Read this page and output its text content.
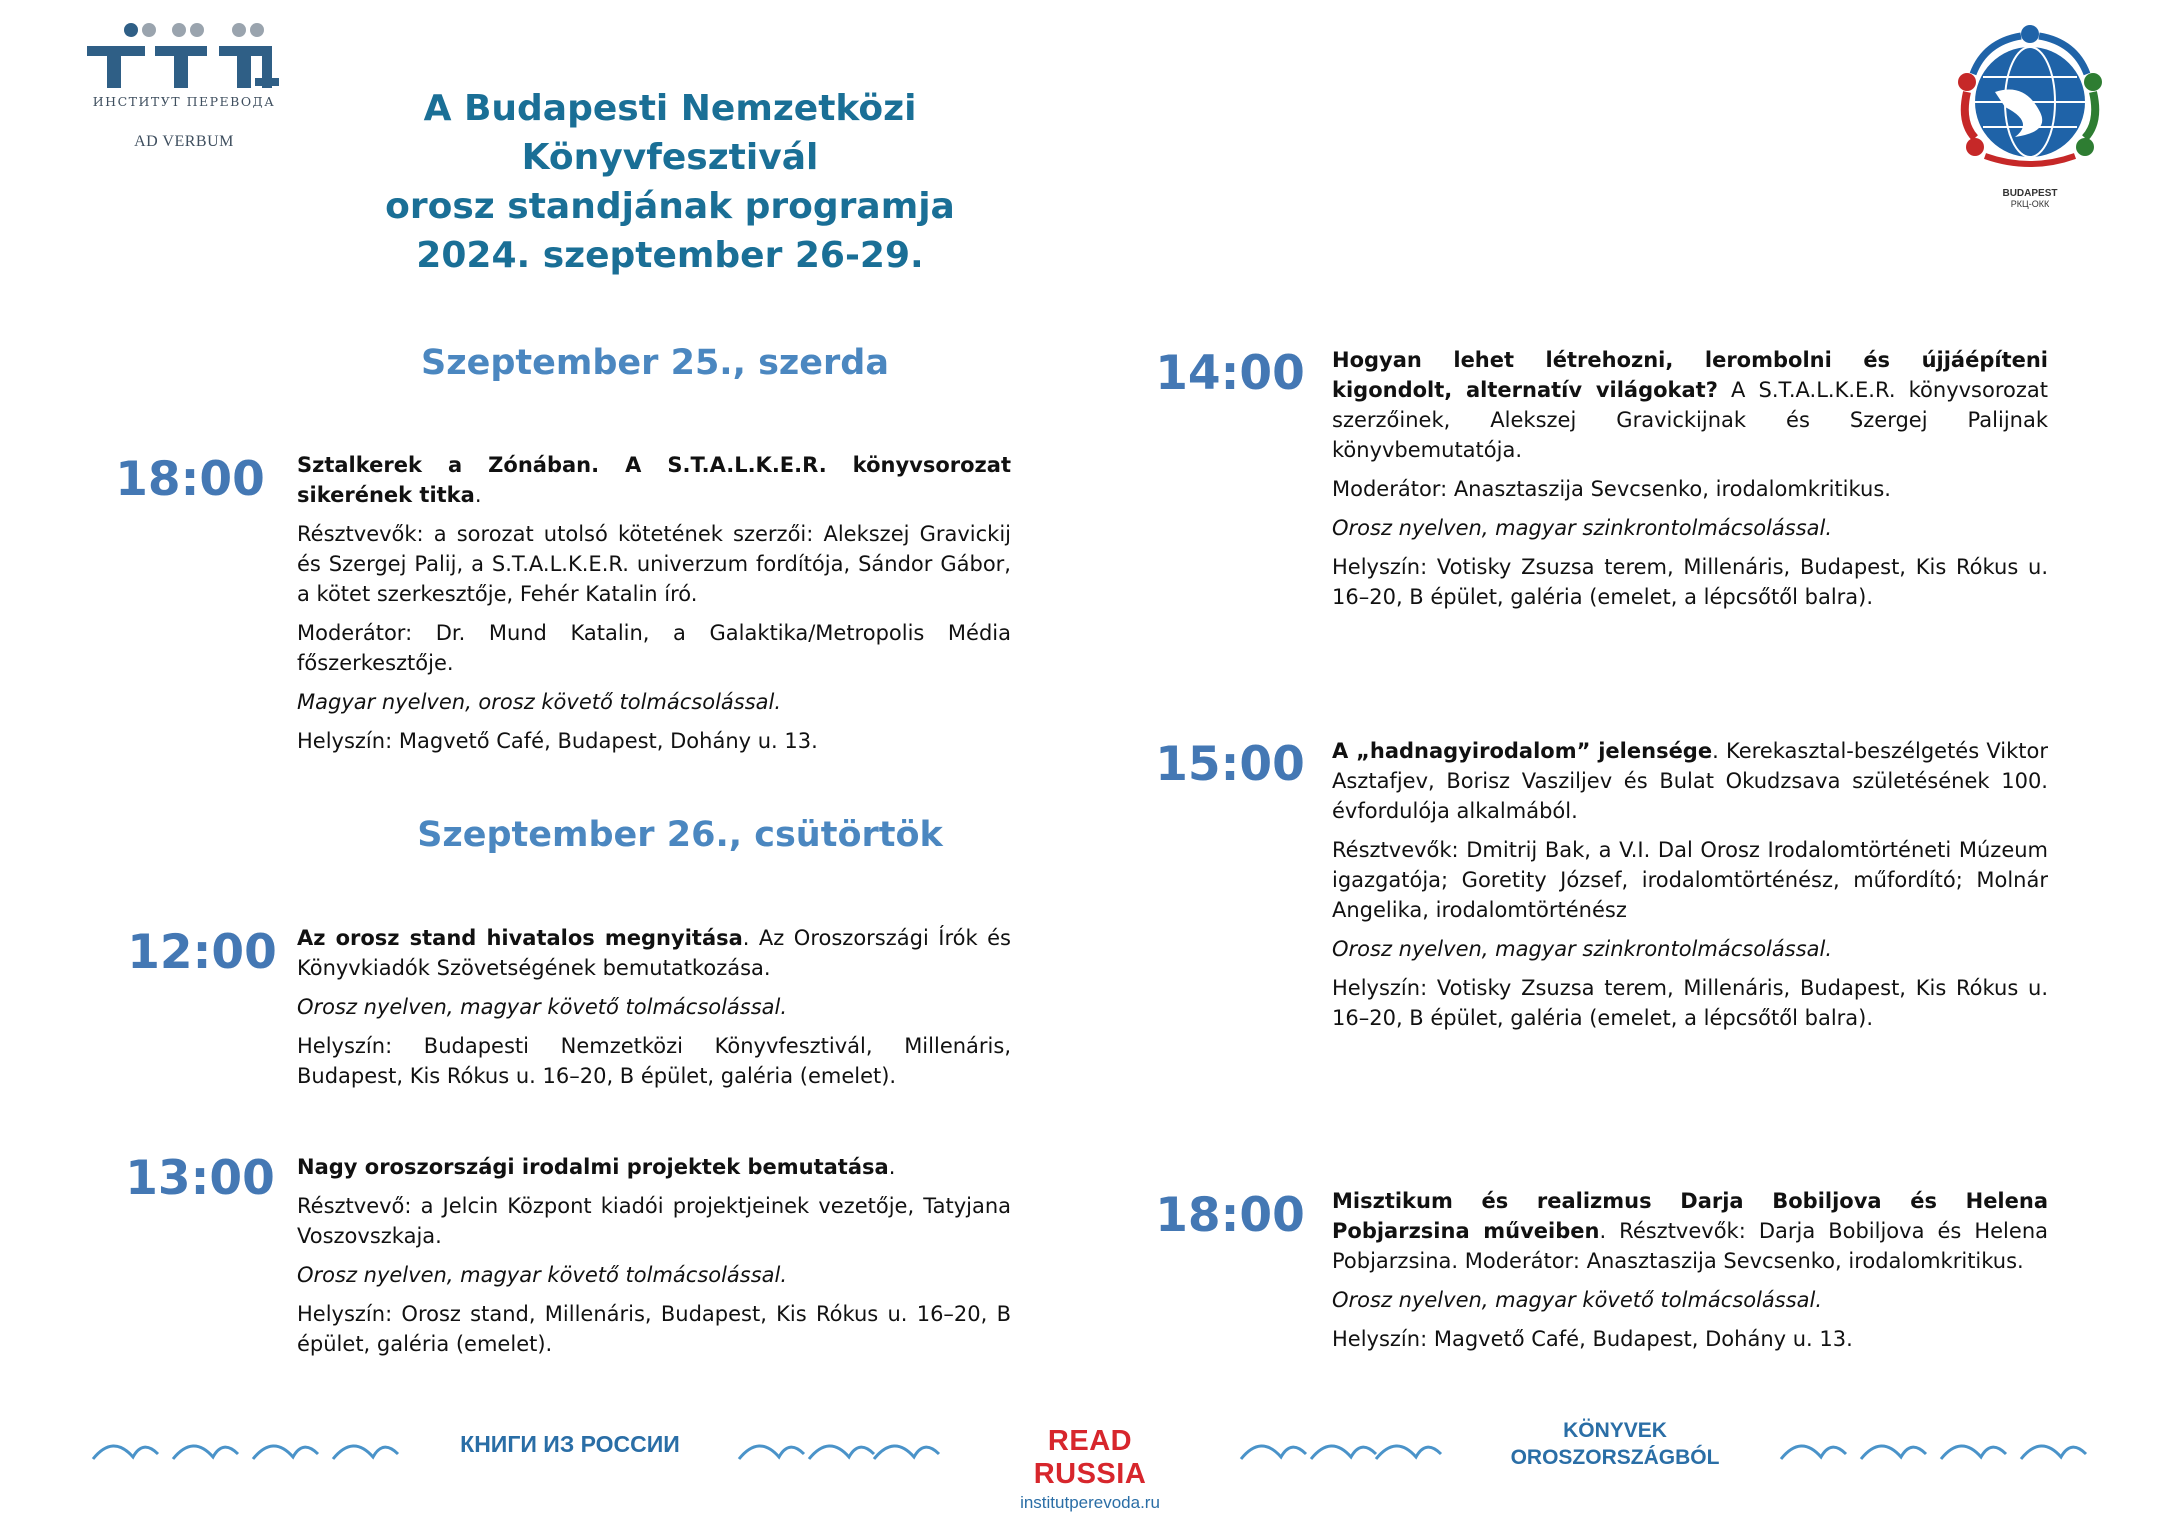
ИНСТИТУТ ПЕРЕВОДА
AD VERBUM
A Budapesti Nemzetközi Könyvfesztivál
orosz standjának programja
2024. szeptember 26-29.
BUDAPEST
РКЦ-ОКК
Szeptember 25., szerda
Szeptember 26., csütörtök
18:00	Sztalkerek a Zónában. A S.T.A.L.K.E.R. könyvsorozat sikerének titka.

Résztvevők: a sorozat utolsó kötetének szerzői: Alekszej Gravickij és Szergej Palij, a S.T.A.L.K.E.R. univerzum fordítója, Sándor Gábor, a kötet szerkesztője, Fehér Katalin író.

Moderátor: Dr. Mund Katalin, a Galaktika/Metropolis Média főszerkesztője.

Magyar nyelven, orosz követő tolmácsolással.

Helyszín: Magvető Café, Budapest, Dohány u. 13.

12:00 Az orosz stand hivatalos megnyitása. Az Oroszországi Írók és Könyvkiadók Szövetségének bemutatkozása.

Orosz nyelven, magyar követő tolmácsolással.

Helyszín: Budapesti Nemzetközi Könyvfesztivál, Millenáris, Budapest, Kis Rókus u. 16–20, B épület, galéria (emelet).

13:00	Nagy oroszországi irodalmi projektek bemutatása.

Résztvevő: a Jelcin Központ kiadói projektjeinek vezetője, Tatyjana Voszovszkaja.

Orosz nyelven, magyar követő tolmácsolással.

Helyszín: Orosz stand, Millenáris, Budapest, Kis Rókus u. 16–20, B épület, galéria (emelet).

14:00	Hogyan lehet létrehozni, lerombolni és újjáépíteni kigondolt, alternatív világokat? A S.T.A.L.K.E.R. könyvsorozat szerzőinek, Alekszej Gravickijnak és Szergej Palijnak könyvbemutatója.

Moderátor: Anasztaszija Sevcsenko, irodalomkritikus.

Orosz nyelven, magyar szinkrontolmácsolással.

Helyszín: Votisky Zsuzsa terem, Millenáris, Budapest, Kis Rókus u. 16–20, B épület, galéria (emelet, a lépcsőtől balra).

15:00	A „hadnagyirodalom” jelensége. Kerekasztal-beszélgetés Viktor Asztafjev, Borisz Vasziljev és Bulat Okudzsava születésének 100. évfordulója alkalmából.

Résztvevők: Dmitrij Bak, a V.I. Dal Orosz Irodalomtörténeti Múzeum igazgatója; Goretity József, irodalomtörténész, műfordító; Molnár Angelika, irodalomtörténész

Orosz nyelven, magyar szinkrontolmácsolással.

Helyszín: Votisky Zsuzsa terem, Millenáris, Budapest, Kis Rókus u. 16–20, B épület, galéria (emelet, a lépcsőtől balra).

18:00	Misztikum és realizmus Darja Bobiljova és Helena Pobjarzsina műveiben. Résztvevők: Darja Bobiljova és Helena Pobjarzsina. Moderátor: Anasztaszija Sevcsenko, irodalomkritikus.

Orosz nyelven, magyar követő tolmácsolással.

Helyszín: Magvető Café, Budapest, Dohány u. 13.

КНИГИ ИЗ РОССИИ	READ RUSSIA
institutperevoda.ru
KÖNYVEK
OROSZORSZÁGBÓL
